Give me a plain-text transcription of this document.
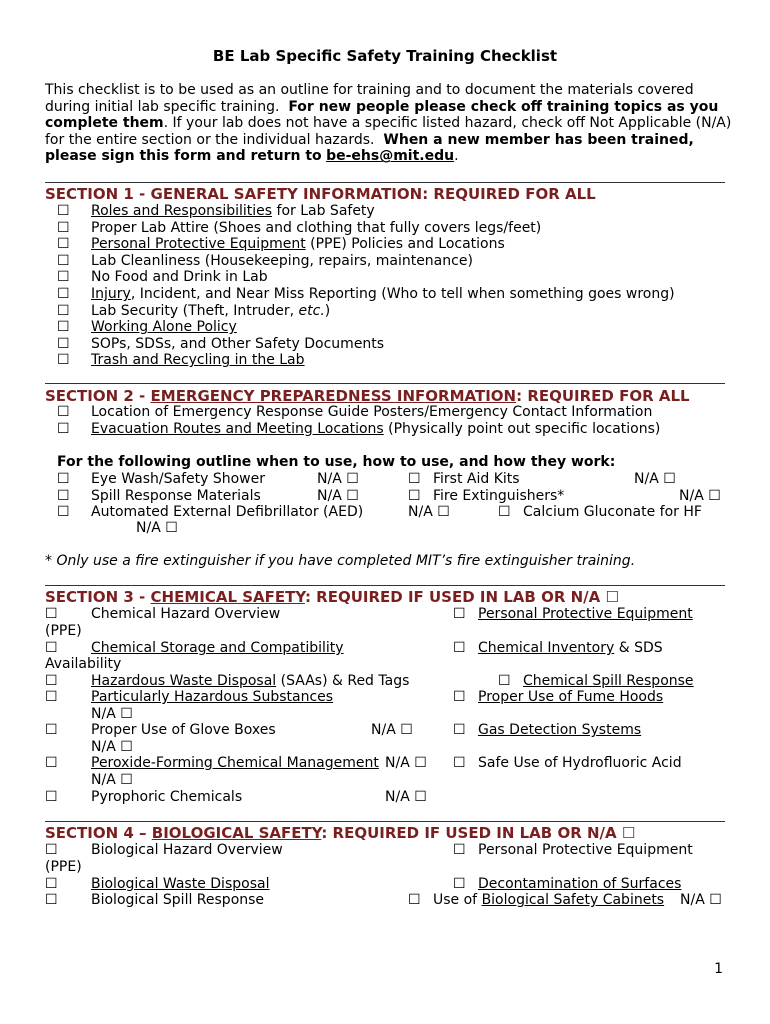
BE Lab Specific Safety Training Checklist
This checklist is to be used as an outline for training and to document the materials covered during initial lab specific training. For new people please check off training topics as you complete them. If your lab does not have a specific listed hazard, check off Not Applicable (N/A) for the entire section or the individual hazards. When a new member has been trained, please sign this form and return to be-ehs@mit.edu.
SECTION 1 - GENERAL SAFETY INFORMATION: REQUIRED FOR ALL
☐	Roles and Responsibilities for Lab Safety
☐	Proper Lab Attire (Shoes and clothing that fully covers legs/feet)
☐	Personal Protective Equipment (PPE) Policies and Locations
☐	Lab Cleanliness (Housekeeping, repairs, maintenance)
☐	No Food and Drink in Lab
☐	Injury, Incident, and Near Miss Reporting (Who to tell when something goes wrong)
☐	Lab Security (Theft, Intruder, etc.)
☐	Working Alone Policy
☐	SOPs, SDSs, and Other Safety Documents
☐	Trash and Recycling in the Lab
SECTION 2 - EMERGENCY PREPAREDNESS INFORMATION: REQUIRED FOR ALL
☐ Location of Emergency Response Guide Posters/Emergency Contact Information
☐ Evacuation Routes and Meeting Locations (Physically point out specific locations)
For the following outline when to use, how to use, and how they work:
☐ Eye Wash/Safety Shower	N/A ☐	☐ First Aid Kits	N/A ☐
☐ Spill Response Materials	N/A ☐	☐ Fire Extinguishers*	N/A ☐
☐ Automated External Defibrillator (AED)	N/A ☐	☐ Calcium Gluconate for HF
N/A ☐
* Only use a fire extinguisher if you have completed MIT’s fire extinguisher training.
SECTION 3 - CHEMICAL SAFETY: REQUIRED IF USED IN LAB OR N/A ☐
☐ Chemical Hazard Overview	☐ Personal Protective Equipment
(PPE)
☐ Chemical Storage and Compatibility	☐ Chemical Inventory & SDS
Availability
☐ Hazardous Waste Disposal (SAAs) & Red Tags	☐ Chemical Spill Response
☐ Particularly Hazardous Substances	☐ Proper Use of Fume Hoods
N/A ☐
☐ Proper Use of Glove Boxes	N/A ☐	☐ Gas Detection Systems
N/A ☐
☐ Peroxide-Forming Chemical Management N/A ☐ ☐ Safe Use of Hydrofluoric Acid
N/A ☐
☐ Pyrophoric Chemicals	N/A ☐
SECTION 4 – BIOLOGICAL SAFETY: REQUIRED IF USED IN LAB OR N/A ☐
☐ Biological Hazard Overview	☐ Personal Protective Equipment
(PPE)
☐ Biological Waste Disposal	☐ Decontamination of Surfaces
☐ Biological Spill Response	☐ Use of Biological Safety Cabinets N/A ☐
1
